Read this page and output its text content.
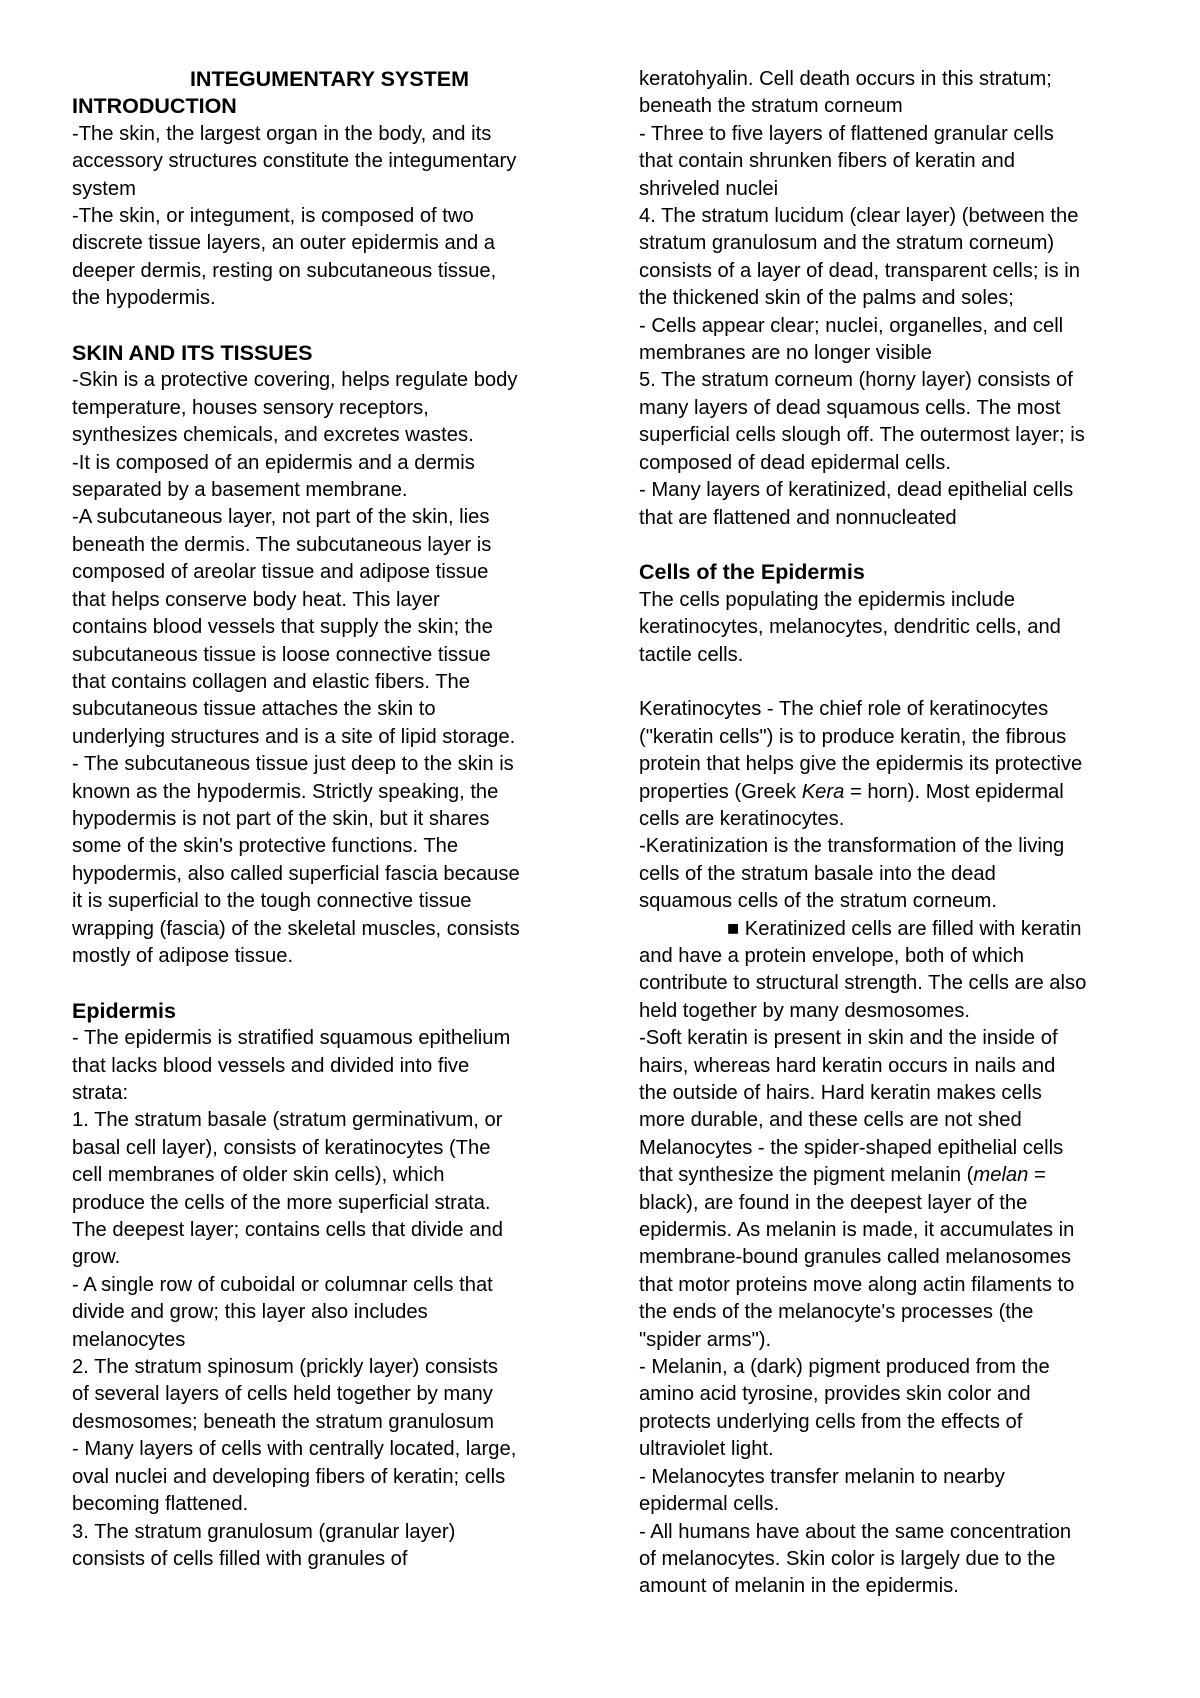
INTEGUMENTARY SYSTEM
INTRODUCTION
-The skin, the largest organ in the body, and its
accessory structures constitute the integumentary
system
-The skin, or integument, is composed of two
discrete tissue layers, an outer epidermis and a
deeper dermis, resting on subcutaneous tissue,
the hypodermis.
SKIN AND ITS TISSUES
-Skin is a protective covering, helps regulate body
temperature, houses sensory receptors,
synthesizes chemicals, and excretes wastes.
-It is composed of an epidermis and a dermis
separated by a basement membrane.
-A subcutaneous layer, not part of the skin, lies
beneath the dermis. The subcutaneous layer is
composed of areolar tissue and adipose tissue
that helps conserve body heat. This layer
contains blood vessels that supply the skin; the
subcutaneous tissue is loose connective tissue
that contains collagen and elastic fibers. The
subcutaneous tissue attaches the skin to
underlying structures and is a site of lipid storage.
- The subcutaneous tissue just deep to the skin is
known as the hypodermis. Strictly speaking, the
hypodermis is not part of the skin, but it shares
some of the skin's protective functions. The
hypodermis, also called superficial fascia because
it is superficial to the tough connective tissue
wrapping (fascia) of the skeletal muscles, consists
mostly of adipose tissue.
Epidermis
- The epidermis is stratified squamous epithelium
that lacks blood vessels and divided into five
strata:
1. The stratum basale (stratum germinativum, or
basal cell layer), consists of keratinocytes (The
cell membranes of older skin cells), which
produce the cells of the more superficial strata.
The deepest layer; contains cells that divide and
grow.
- A single row of cuboidal or columnar cells that
divide and grow; this layer also includes
melanocytes
2. The stratum spinosum (prickly layer) consists
of several layers of cells held together by many
desmosomes; beneath the stratum granulosum
- Many layers of cells with centrally located, large,
oval nuclei and developing fibers of keratin; cells
becoming flattened.
3. The stratum granulosum (granular layer)
consists of cells filled with granules of
keratohyalin. Cell death occurs in this stratum;
beneath the stratum corneum
- Three to five layers of flattened granular cells
that contain shrunken fibers of keratin and
shriveled nuclei
4. The stratum lucidum (clear layer) (between the
stratum granulosum and the stratum corneum)
consists of a layer of dead, transparent cells; is in
the thickened skin of the palms and soles;
- Cells appear clear; nuclei, organelles, and cell
membranes are no longer visible
5. The stratum corneum (horny layer) consists of
many layers of dead squamous cells. The most
superficial cells slough off. The outermost layer; is
composed of dead epidermal cells.
- Many layers of keratinized, dead epithelial cells
that are flattened and nonnucleated
Cells of the Epidermis
The cells populating the epidermis include
keratinocytes, melanocytes, dendritic cells, and
tactile cells.
Keratinocytes - The chief role of keratinocytes
("keratin cells") is to produce keratin, the fibrous
protein that helps give the epidermis its protective
properties (Greek Kera = horn). Most epidermal
cells are keratinocytes.
-Keratinization is the transformation of the living
cells of the stratum basale into the dead
squamous cells of the stratum corneum.
■ Keratinized cells are filled with keratin
and have a protein envelope, both of which
contribute to structural strength. The cells are also
held together by many desmosomes.
-Soft keratin is present in skin and the inside of
hairs, whereas hard keratin occurs in nails and
the outside of hairs. Hard keratin makes cells
more durable, and these cells are not shed
Melanocytes - the spider-shaped epithelial cells
that synthesize the pigment melanin (melan =
black), are found in the deepest layer of the
epidermis. As melanin is made, it accumulates in
membrane-bound granules called melanosomes
that motor proteins move along actin filaments to
the ends of the melanocyte's processes (the
"spider arms").
- Melanin, a (dark) pigment produced from the
amino acid tyrosine, provides skin color and
protects underlying cells from the effects of
ultraviolet light.
- Melanocytes transfer melanin to nearby
epidermal cells.
- All humans have about the same concentration
of melanocytes. Skin color is largely due to the
amount of melanin in the epidermis.
